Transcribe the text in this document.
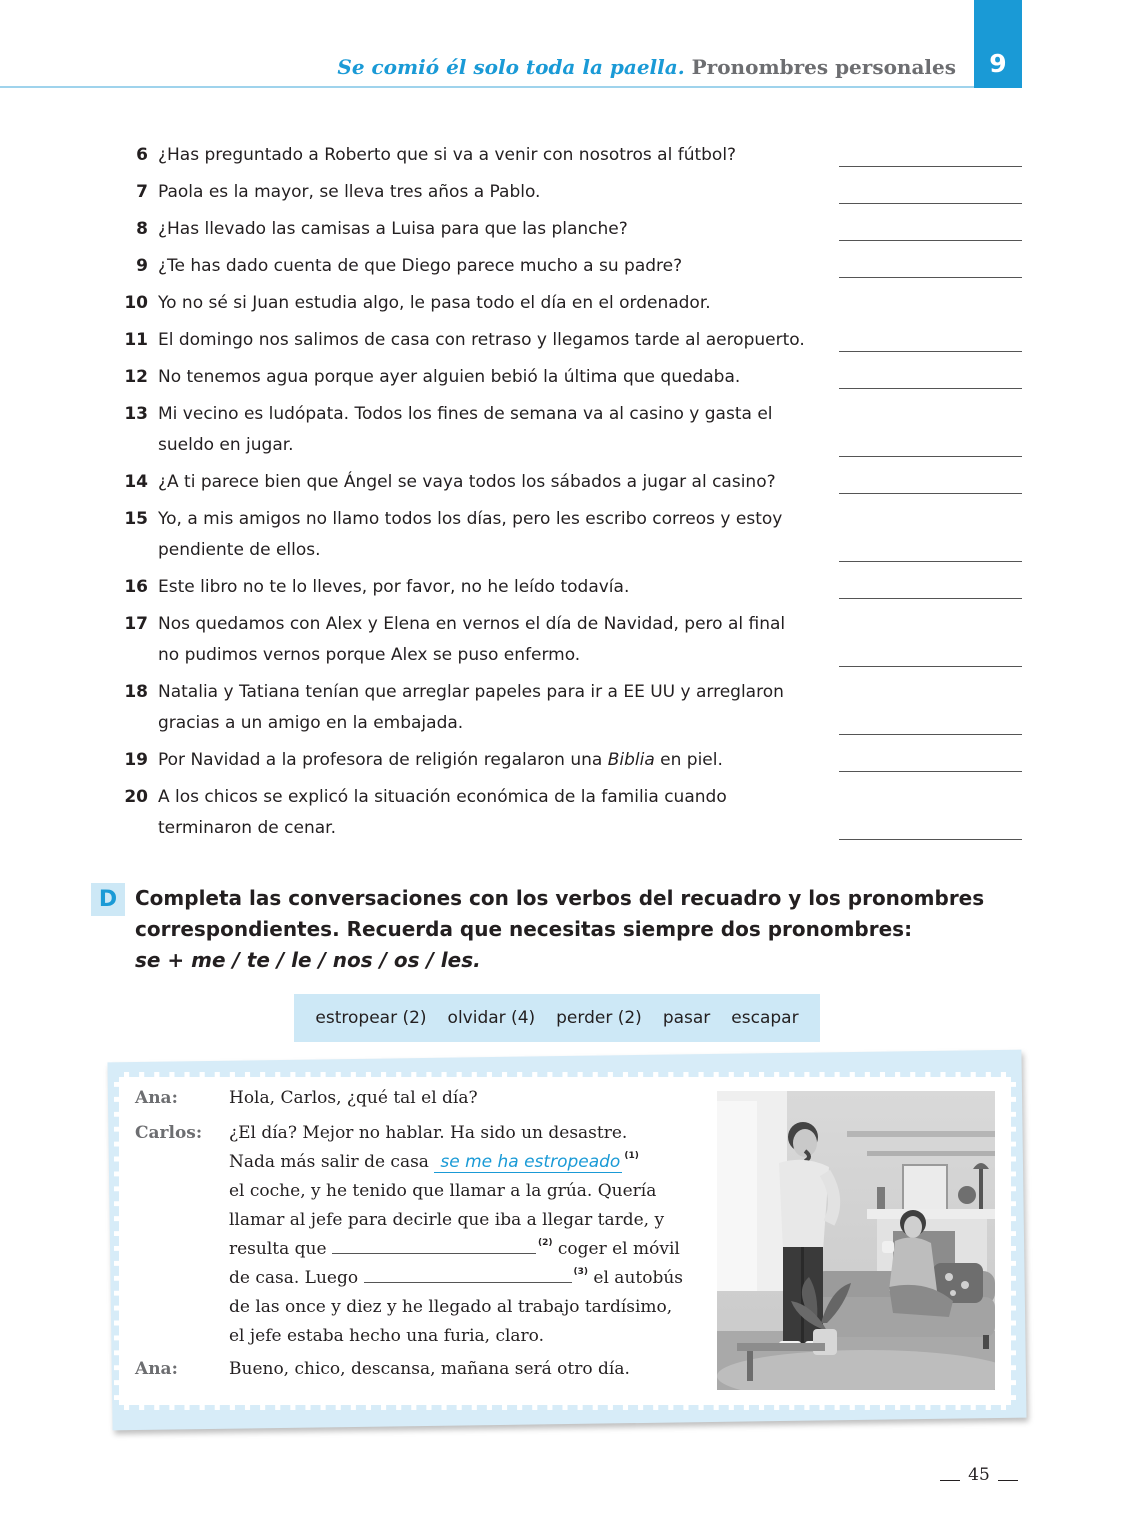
Se comió él solo toda la paella. Pronombres personales	9
6 ¿Has preguntado a Roberto que si va a venir con nosotros al fútbol?
7 Paola es la mayor, se lleva tres años a Pablo.
8 ¿Has llevado las camisas a Luisa para que las planche?
9 ¿Te has dado cuenta de que Diego parece mucho a su padre?
10 Yo no sé si Juan estudia algo, le pasa todo el día en el ordenador.
11 El domingo nos salimos de casa con retraso y llegamos tarde al aeropuerto.
12 No tenemos agua porque ayer alguien bebió la última que quedaba.
13 Mi vecino es ludópata. Todos los fines de semana va al casino y gasta el
sueldo en jugar.
14 ¿A ti parece bien que Ángel se vaya todos los sábados a jugar al casino?
15 Yo, a mis amigos no llamo todos los días, pero les escribo correos y estoy
pendiente de ellos.
16 Este libro no te lo lleves, por favor, no he leído todavía.
17 Nos quedamos con Alex y Elena en vernos el día de Navidad, pero al final
no pudimos vernos porque Alex se puso enfermo.
18 Natalia y Tatiana tenían que arreglar papeles para ir a EE UU y arreglaron
gracias a un amigo en la embajada.
19 Por Navidad a la profesora de religión regalaron una Biblia en piel.
20 A los chicos se explicó la situación económica de la familia cuando
terminaron de cenar.
D Completa las conversaciones con los verbos del recuadro y los pronombres
correspondientes. Recuerda que necesitas siempre dos pronombres:
se + me / te / le / nos / os / les.
estropear (2) olvidar (4) perder (2) pasar escapar
Ana:	Hola, Carlos, ¿qué tal el día?
Carlos:	¿El día? Mejor no hablar. Ha sido un desastre.
Nada más salir de casa se me ha estropeado $^{(1)}$
el coche, y he tenido que llamar a la grúa. Quería
llamar al jefe para decirle que iba a llegar tarde, y
resulta que	$^{(2)}$ coger el móvil
de casa. Luego	$^{(3)}$ el autobús
de las once y diez y he llegado al trabajo tardísimo,
el jefe estaba hecho una furia, claro.
Ana:	Bueno, chico, descansa, mañana será otro día.
45
